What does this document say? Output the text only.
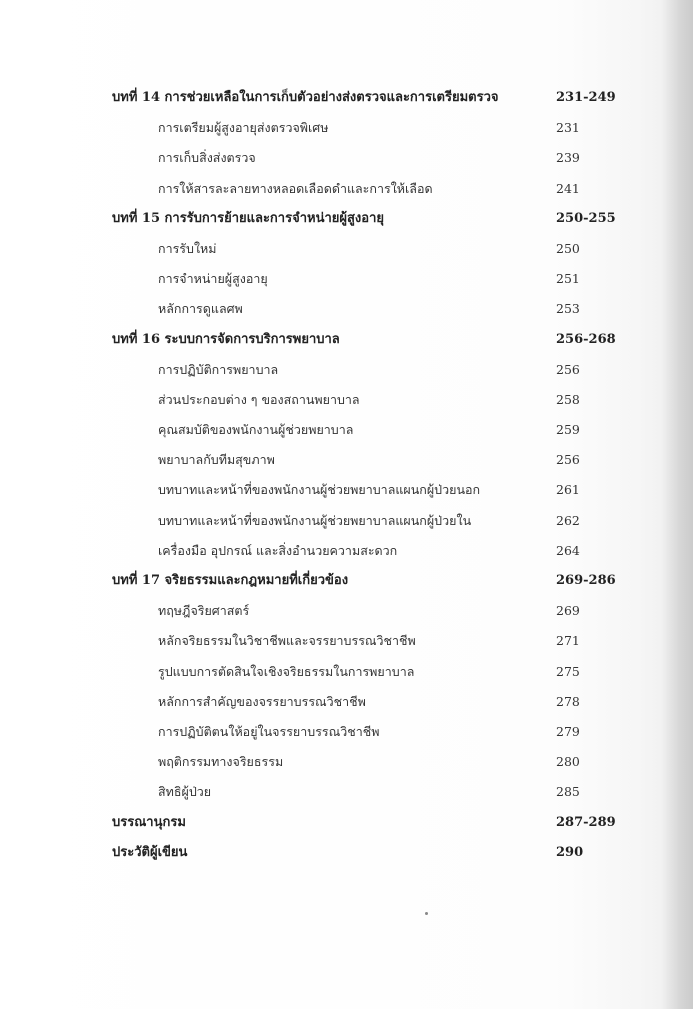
บทที่ 14 การช่วยเหลือในการเก็บตัวอย่างส่งตรวจและการเตรียมตรวจ	231-249
การเตรียมผู้สูงอายุส่งตรวจพิเศษ	231
การเก็บสิ่งส่งตรวจ	239
การให้สารละลายทางหลอดเลือดดำและการให้เลือด	241
บทที่ 15 การรับการย้ายและการจำหน่ายผู้สูงอายุ	250-255
การรับใหม่	250
การจำหน่ายผู้สูงอายุ	251
หลักการดูแลศพ	253
บทที่ 16 ระบบการจัดการบริการพยาบาล	256-268
การปฏิบัติการพยาบาล	256
ส่วนประกอบต่าง ๆ ของสถานพยาบาล	258
คุณสมบัติของพนักงานผู้ช่วยพยาบาล	259
พยาบาลกับทีมสุขภาพ	256
บทบาทและหน้าที่ของพนักงานผู้ช่วยพยาบาลแผนกผู้ป่วยนอก	261
บทบาทและหน้าที่ของพนักงานผู้ช่วยพยาบาลแผนกผู้ป่วยใน	262
เครื่องมือ อุปกรณ์ และสิ่งอำนวยความสะดวก	264
บทที่ 17 จริยธรรมและกฎหมายที่เกี่ยวข้อง	269-286
ทฤษฎีจริยศาสตร์	269
หลักจริยธรรมในวิชาชีพและจรรยาบรรณวิชาชีพ	271
รูปแบบการตัดสินใจเชิงจริยธรรมในการพยาบาล	275
หลักการสำคัญของจรรยาบรรณวิชาชีพ	278
การปฏิบัติตนให้อยู่ในจรรยาบรรณวิชาชีพ	279
พฤติกรรมทางจริยธรรม	280
สิทธิผู้ป่วย	285
บรรณานุกรม	287-289
ประวัติผู้เขียน	290
